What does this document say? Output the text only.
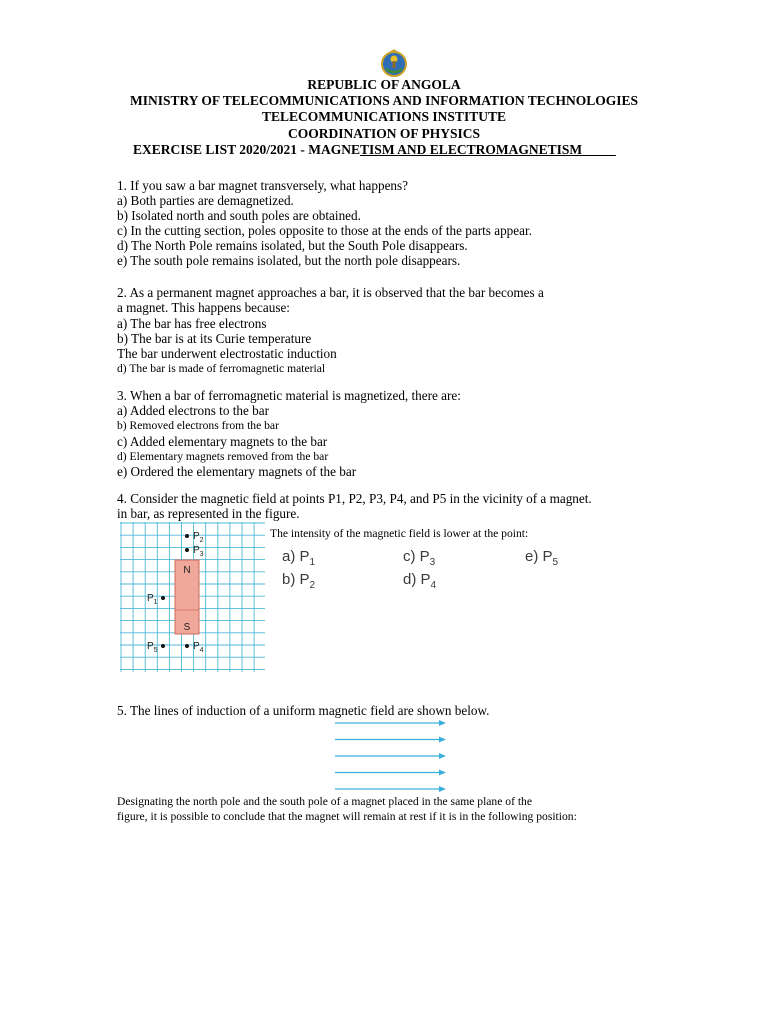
REPUBLIC OF ANGOLA
MINISTRY OF TELECOMMUNICATIONS AND INFORMATION TECHNOLOGIES
TELECOMMUNICATIONS INSTITUTE
COORDINATION OF PHYSICS
EXERCISE LIST 2020/2021 - MAGNETISM AND ELECTROMAGNETISM
1. If you saw a bar magnet transversely, what happens?
a) Both parties are demagnetized.
b) Isolated north and south poles are obtained.
c) In the cutting section, poles opposite to those at the ends of the parts appear.
d) The North Pole remains isolated, but the South Pole disappears.
e) The south pole remains isolated, but the north pole disappears.
2. As a permanent magnet approaches a bar, it is observed that the bar becomes a
a magnet. This happens because:
a) The bar has free electrons
b) The bar is at its Curie temperature
The bar underwent electrostatic induction
d) The bar is made of ferromagnetic material
3. When a bar of ferromagnetic material is magnetized, there are:
a) Added electrons to the bar
b) Removed electrons from the bar
c) Added elementary magnets to the bar
d) Elementary magnets removed from the bar
e) Ordered the elementary magnets of the bar
4. Consider the magnetic field at points P1, P2, P3, P4, and P5 in the vicinity of a magnet.
in bar, as represented in the figure.
N
S
$P_2$
$P_3$
$P_1$
$P_5$	$P_4$
The intensity of the magnetic field is lower at the point:
a) $P_1$	c) $P_3$	e) $P_5$
b) $P_2$	d) $P_4$
5. The lines of induction of a uniform magnetic field are shown below.
Designating the north pole and the south pole of a magnet placed in the same plane of the
figure, it is possible to conclude that the magnet will remain at rest if it is in the following position:
